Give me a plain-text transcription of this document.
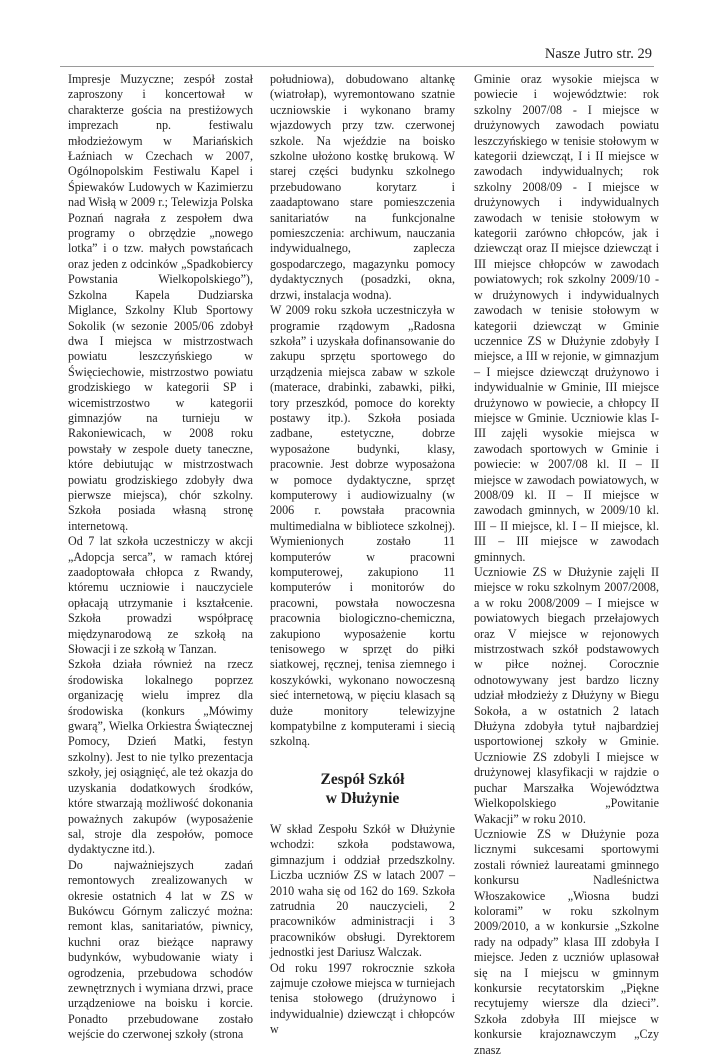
Nasze Jutro str. 29

Impresje Muzyczne; zespół został zaproszony i koncertował w charakterze gościa na prestiżowych imprezach np. festiwalu młodzieżowym w Mariańskich Łaźniach w Czechach w 2007, Ogólnopolskim Festiwalu Kapel i Śpiewaków Ludowych w Kazimierzu nad Wisłą w 2009 r.; Telewizja Polska Poznań nagrała z zespołem dwa programy o obrzędzie „nowego lotka” i o tzw. małych powstańcach oraz jeden z odcinków „Spadkobiercy Powstania Wielkopolskiego”), Szkolna Kapela Dudziarska Miglance, Szkolny Klub Sportowy Sokolik (w sezonie 2005/06 zdobył dwa I miejsca w mistrzostwach powiatu leszczyńskiego w Święciechowie, mistrzostwo powiatu grodziskiego w kategorii SP i wicemistrzostwo w kategorii gimnazjów na turnieju w Rakoniewicach, w 2008 roku powstały w zespole duety taneczne, które debiutując w mistrzostwach powiatu grodziskiego zdobyły dwa pierwsze miejsca), chór szkolny. Szkoła posiada własną stronę internetową.

Od 7 lat szkoła uczestniczy w akcji „Adopcja serca”, w ramach której zaadoptowała chłopca z Rwandy, któremu uczniowie i nauczyciele opłacają utrzymanie i kształcenie. Szkoła prowadzi współpracę międzynarodową ze szkołą na Słowacji i ze szkołą w Tanzan.

Szkoła działa również na rzecz środowiska lokalnego poprzez organizację wielu imprez dla środowiska (konkurs „Mówimy gwarą”, Wielka Orkiestra Świątecznej Pomocy, Dzień Matki, festyn szkolny). Jest to nie tylko prezentacja szkoły, jej osiągnięć, ale też okazja do uzyskania dodatkowych środków, które stwarzają możliwość dokonania poważnych zakupów (wyposażenie sal, stroje dla zespołów, pomoce dydaktyczne itd.).

Do najważniejszych zadań remontowych zrealizowanych w okresie ostatnich 4 lat w ZS w Bukówcu Górnym zaliczyć można: remont klas, sanitariatów, piwnicy, kuchni oraz bieżące naprawy budynków, wybudowanie wiaty i ogrodzenia, przebudowa schodów zewnętrznych i wymiana drzwi, prace urządzeniowe na boisku i korcie. Ponadto przebudowane zostało wejście do czerwonej szkoły (strona

południowa), dobudowano altankę (wiatrołap), wyremontowano szatnie uczniowskie i wykonano bramy wjazdowych przy tzw. czerwonej szkole. Na wjeździe na boisko szkolne ułożono kostkę brukową. W starej części budynku szkolnego przebudowano korytarz i zaadaptowano stare pomieszczenia sanitariatów na funkcjonalne pomieszczenia: archiwum, nauczania indywidualnego, zaplecza gospodarczego, magazynku pomocy dydaktycznych (posadzki, okna, drzwi, instalacja wodna).

W 2009 roku szkoła uczestniczyła w programie rządowym „Radosna szkoła” i uzyskała dofinansowanie do zakupu sprzętu sportowego do urządzenia miejsca zabaw w szkole (materace, drabinki, zabawki, piłki, tory przeszkód, pomoce do korekty postawy itp.). Szkoła posiada zadbane, estetyczne, dobrze wyposażone budynki, klasy, pracownie. Jest dobrze wyposażona w pomoce dydaktyczne, sprzęt komputerowy i audiowizualny (w 2006 r. powstała pracownia multimedialna w bibliotece szkolnej). Wymienionych zostało 11 komputerów w pracowni komputerowej, zakupiono 11 komputerów i monitorów do pracowni, powstała nowoczesna pracownia biologiczno-chemiczna, zakupiono wyposażenie kortu tenisowego w sprzęt do piłki siatkowej, ręcznej, tenisa ziemnego i koszykówki, wykonano nowoczesną sieć internetową, w pięciu klasach są duże monitory telewizyjne kompatybilne z komputerami i siecią szkolną.

Zespół Szkół

w Dłużynie

W skład Zespołu Szkół w Dłużynie wchodzi: szkoła podstawowa, gimnazjum i oddział przedszkolny. Liczba uczniów ZS w latach 2007 – 2010 waha się od 162 do 169. Szkoła zatrudnia 20 nauczycieli, 2 pracowników administracji i 3 pracowników obsługi. Dyrektorem jednostki jest Dariusz Walczak.

Od roku 1997 rokrocznie szkoła zajmuje czołowe miejsca w turniejach tenisa stołowego (drużynowo i indywidualnie) dziewcząt i chłopców w

Gminie oraz wysokie miejsca w powiecie i województwie: rok szkolny 2007/08 - I miejsce w drużynowych zawodach powiatu leszczyńskiego w tenisie stołowym w kategorii dziewcząt, I i II miejsce w zawodach indywidualnych; rok szkolny 2008/09 - I miejsce w drużynowych i indywidualnych zawodach w tenisie stołowym w kategorii zarówno chłopców, jak i dziewcząt oraz II miejsce dziewcząt i III miejsce chłopców w zawodach powiatowych; rok szkolny 2009/10 - w drużynowych i indywidualnych zawodach w tenisie stołowym w kategorii dziewcząt w Gminie uczennice ZS w Dłużynie zdobyły I miejsce, a III w rejonie, w gimnazjum – I miejsce dziewcząt drużynowo i indywidualnie w Gminie, III miejsce drużynowo w powiecie, a chłopcy II miejsce w Gminie. Uczniowie klas I-III zajęli wysokie miejsca w zawodach sportowych w Gminie i powiecie: w 2007/08 kl. II – II miejsce w zawodach powiatowych, w 2008/09 kl. II – II miejsce w zawodach gminnych, w 2009/10 kl. III – II miejsce, kl. I – II miejsce, kl. III – III miejsce w zawodach gminnych.

Uczniowie ZS w Dłużynie zajęli II miejsce w roku szkolnym 2007/2008, a w roku 2008/2009 – I miejsce w powiatowych biegach przełajowych oraz V miejsce w rejonowych mistrzostwach szkół podstawowych w piłce nożnej. Corocznie odnotowywany jest bardzo liczny udział młodzieży z Dłużyny w Biegu Sokoła, a w ostatnich 2 latach Dłużyna zdobyła tytuł najbardziej usportowionej szkoły w Gminie. Uczniowie ZS zdobyli I miejsce w drużynowej klasyfikacji w rajdzie o puchar Marszałka Województwa Wielkopolskiego „Powitanie Wakacji” w roku 2010.

Uczniowie ZS w Dłużynie poza licznymi sukcesami sportowymi zostali również laureatami gminnego konkursu Nadleśnictwa Włoszakowice „Wiosna budzi kolorami” w roku szkolnym 2009/2010, a w konkursie „Szkolne rady na odpady” klasa III zdobyła I miejsce. Jeden z uczniów uplasował się na I miejscu w gminnym konkursie recytatorskim „Piękne recytujemy wiersze dla dzieci”. Szkoła zdobyła III miejsce w konkursie krajoznawczym „Czy znasz
